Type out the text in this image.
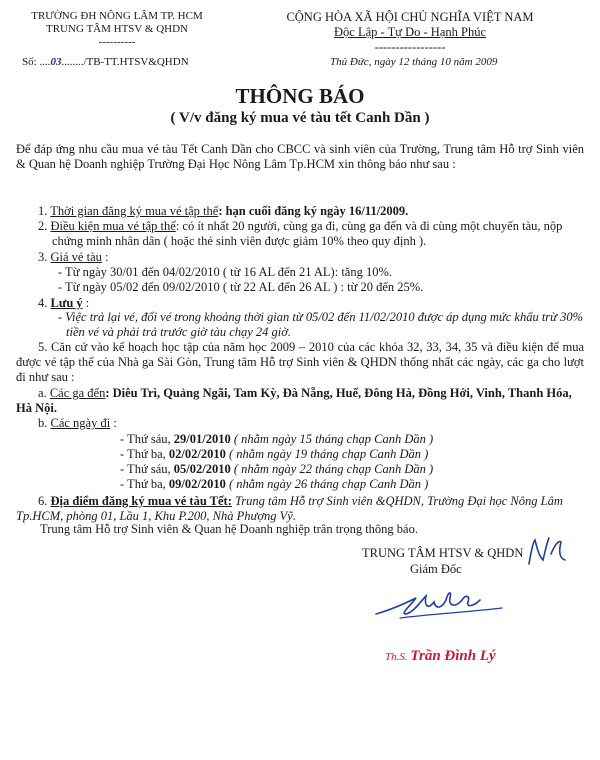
TRƯỜNG ĐH NÔNG LÂM TP. HCM
TRUNG TÂM HTSV & QHDN
----------
Số: ....03......../TB-TT.HTSV&QHDN
CỘNG HÒA XÃ HỘI CHỦ NGHĨA VIỆT NAM
Độc Lập - Tự Do - Hạnh Phúc
-----------------
Thủ Đức, ngày 12 tháng 10 năm 2009
THÔNG BÁO
( V/v đăng ký mua vé tàu tết Canh Dần )
Để đáp ứng nhu cầu mua vé tàu Tết Canh Dần cho CBCC và sinh viên của Trường, Trung tâm Hỗ trợ Sinh viên & Quan hệ Doanh nghiệp Trường Đại Học Nông Lâm Tp.HCM xin thông báo như sau :
1. Thời gian đăng ký mua vé tập thể: hạn cuối đăng ký ngày 16/11/2009.
2. Điều kiện mua vé tập thể: có ít nhất 20 người, cùng ga đi, cùng ga đến và đi cùng một chuyến tàu, nộp chứng minh nhân dân ( hoặc thẻ sinh viên được giảm 10% theo quy định ).
3. Giá vé tàu :
- Từ ngày 30/01 đến 04/02/2010 ( từ 16 AL đến 21 AL): tăng 10%.
- Từ ngày 05/02 đến 09/02/2010 ( từ 22 AL đến 26 AL ) : từ 20 đến 25%.
4. Lưu ý :
- Việc trả lại vé, đổi vé trong khoảng thời gian từ 05/02 đến 11/02/2010 được áp dụng mức khấu trừ 30% tiền vé và phải trả trước giờ tàu chạy 24 giờ.
5. Căn cứ vào kế hoạch học tập của năm học 2009 – 2010 của các khóa 32, 33, 34, 35 và điều kiện để mua được vé tập thể của Nhà ga Sài Gòn, Trung tâm Hỗ trợ Sinh viên & QHDN thống nhất các ngày, các ga cho lượt đi như sau :
a. Các ga đến: Diêu Trì, Quảng Ngãi, Tam Kỳ, Đà Nẵng, Huế, Đông Hà, Đồng Hới, Vinh, Thanh Hóa, Hà Nội.
b. Các ngày đi :
- Thứ sáu, 29/01/2010 ( nhằm ngày 15 tháng chạp Canh Dần )
- Thứ ba, 02/02/2010 ( nhằm ngày 19 tháng chạp Canh Dần )
- Thứ sáu, 05/02/2010 ( nhằm ngày 22 tháng chạp Canh Dần )
- Thứ ba, 09/02/2010 ( nhằm ngày 26 tháng chạp Canh Dần )
6. Địa điểm đăng ký mua vé tàu Tết: Trung tâm Hỗ trợ Sinh viên &QHDN, Trường Đại học Nông Lâm Tp.HCM, phòng 01, Lầu 1, Khu P.200, Nhà Phượng Vỹ.
Trung tâm Hỗ trợ Sinh viên & Quan hệ Doanh nghiệp trân trọng thông báo.
TRUNG TÂM HTSV & QHDN
Giám Đốc
Th.S. Trần Đình Lý
